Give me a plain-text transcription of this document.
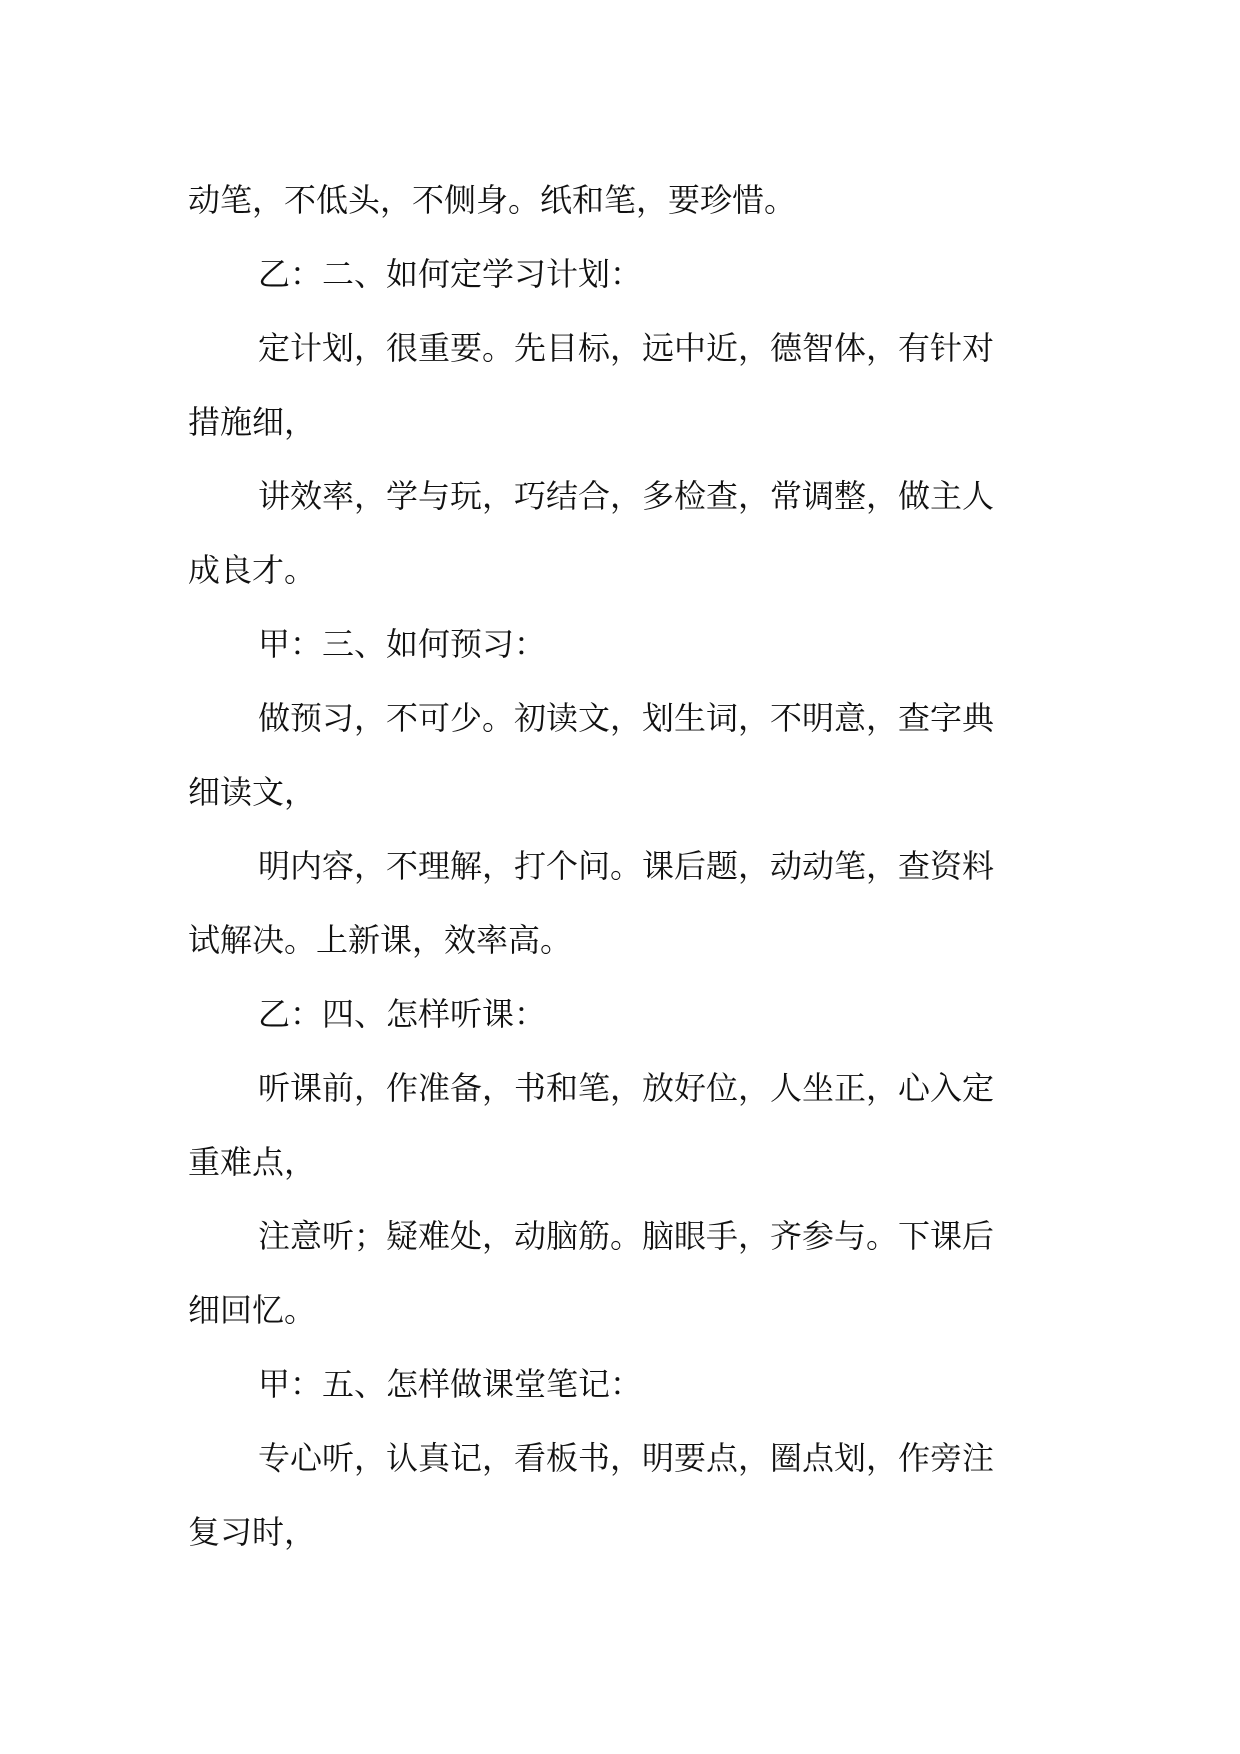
动笔，不低头，不侧身。纸和笔，要珍惜。
乙：二、如何定学习计划：
定计划，很重要。先目标，远中近，德智体，有针对
措施细，
讲效率，学与玩，巧结合，多检查，常调整，做主人
成良才。
甲：三、如何预习：
做预习，不可少。初读文，划生词，不明意，查字典
细读文，
明内容，不理解，打个问。课后题，动动笔，查资料
试解决。上新课，效率高。
乙：四、怎样听课：
听课前，作准备，书和笔，放好位，人坐正，心入定
重难点，
注意听；疑难处，动脑筋。脑眼手，齐参与。下课后
细回忆。
甲：五、怎样做课堂笔记：
专心听，认真记，看板书，明要点，圈点划，作旁注
复习时，
